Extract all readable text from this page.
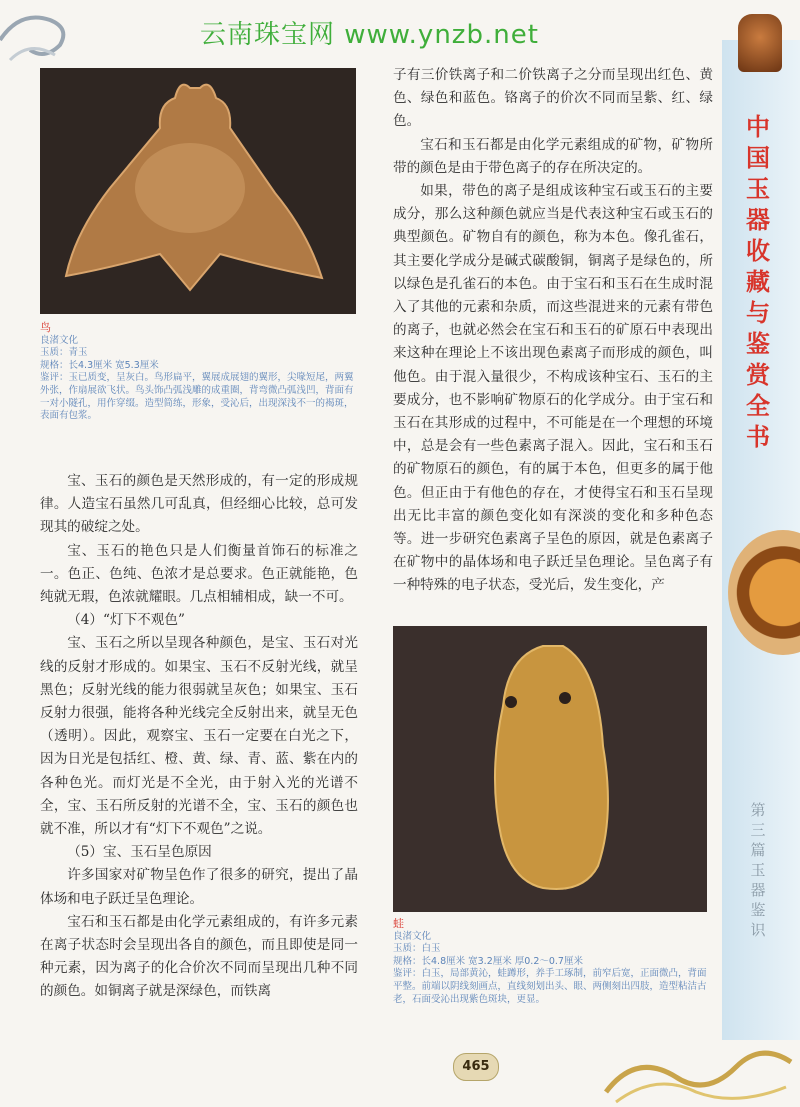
云南珠宝网 www.ynzb.net
中国玉器收藏与鉴赏全书
第三篇 玉器鉴识
鸟
良渚文化
玉质：青玉
规格：长4.3厘米 宽5.3厘米
鉴评：玉已质变，呈灰白。鸟形扁平，翼展成展翅的翼形，尖喙短尾，两翼外张，作扇展欲飞状。鸟头饰凸弧浅雕的成重圈，背弯微凸弧浅凹，背面有一对小隧孔，用作穿缀。造型简练，形象，受沁后，出现深浅不一的褐斑，表面有包浆。

宝、玉石的颜色是天然形成的，有一定的形成规律。人造宝石虽然几可乱真，但经细心比较，总可发现其的破绽之处。

宝、玉石的艳色只是人们衡量首饰石的标准之一。色正、色纯、色浓才是总要求。色正就能艳，色纯就无瑕，色浓就耀眼。几点相辅相成，缺一不可。

（4）“灯下不观色”

宝、玉石之所以呈现各种颜色，是宝、玉石对光线的反射才形成的。如果宝、玉石不反射光线，就呈黑色；反射光线的能力很弱就呈灰色；如果宝、玉石反射力很强，能将各种光线完全反射出来，就呈无色（透明）。因此，观察宝、玉石一定要在白光之下，因为日光是包括红、橙、黄、绿、青、蓝、紫在内的各种色光。而灯光是不全光，由于射入光的光谱不全，宝、玉石所反射的光谱不全，宝、玉石的颜色也就不准，所以才有“灯下不观色”之说。

（5）宝、玉石呈色原因

许多国家对矿物呈色作了很多的研究，提出了晶体场和电子跃迁呈色理论。

宝石和玉石都是由化学元素组成的，有许多元素在离子状态时会呈现出各自的颜色，而且即使是同一种元素，因为离子的化合价次不同而呈现出几种不同的颜色。如铜离子就是深绿色，而铁离

子有三价铁离子和二价铁离子之分而呈现出红色、黄色、绿色和蓝色。铬离子的价次不同而呈紫、红、绿色。

宝石和玉石都是由化学元素组成的矿物，矿物所带的颜色是由于带色离子的存在所决定的。

如果，带色的离子是组成该种宝石或玉石的主要成分，那么这种颜色就应当是代表这种宝石或玉石的典型颜色。矿物自有的颜色，称为本色。像孔雀石，其主要化学成分是碱式碳酸铜，铜离子是绿色的，所以绿色是孔雀石的本色。由于宝石和玉石在生成时混入了其他的元素和杂质，而这些混进来的元素有带色的离子，也就必然会在宝石和玉石的矿原石中表现出来这种在理论上不该出现色素离子而形成的颜色，叫他色。由于混入量很少，不构成该种宝石、玉石的主要成分，也不影响矿物原石的化学成分。由于宝石和玉石在其形成的过程中，不可能是在一个理想的环境中，总是会有一些色素离子混入。因此，宝石和玉石的矿物原石的颜色，有的属于本色，但更多的属于他色。但正由于有他色的存在，才使得宝石和玉石呈现出无比丰富的颜色变化如有深淡的变化和多种色态等。进一步研究色素离子呈色的原因，就是色素离子在矿物中的晶体场和电子跃迁呈色理论。呈色离子有一种特殊的电子状态，受光后，发生变化，产

蛙
良渚文化
玉质：白玉
规格：长4.8厘米 宽3.2厘米 厚0.2～0.7厘米
鉴评：白玉，局部黄沁，蛙蹲形，养手工琢制，前窄后宽，正面微凸，背面平整。前端以阴线刻画点，直线刻划出头、眼、两侧刻出四肢，造型粘洁古老，石面受沁出现紫色斑块，更显。
465
